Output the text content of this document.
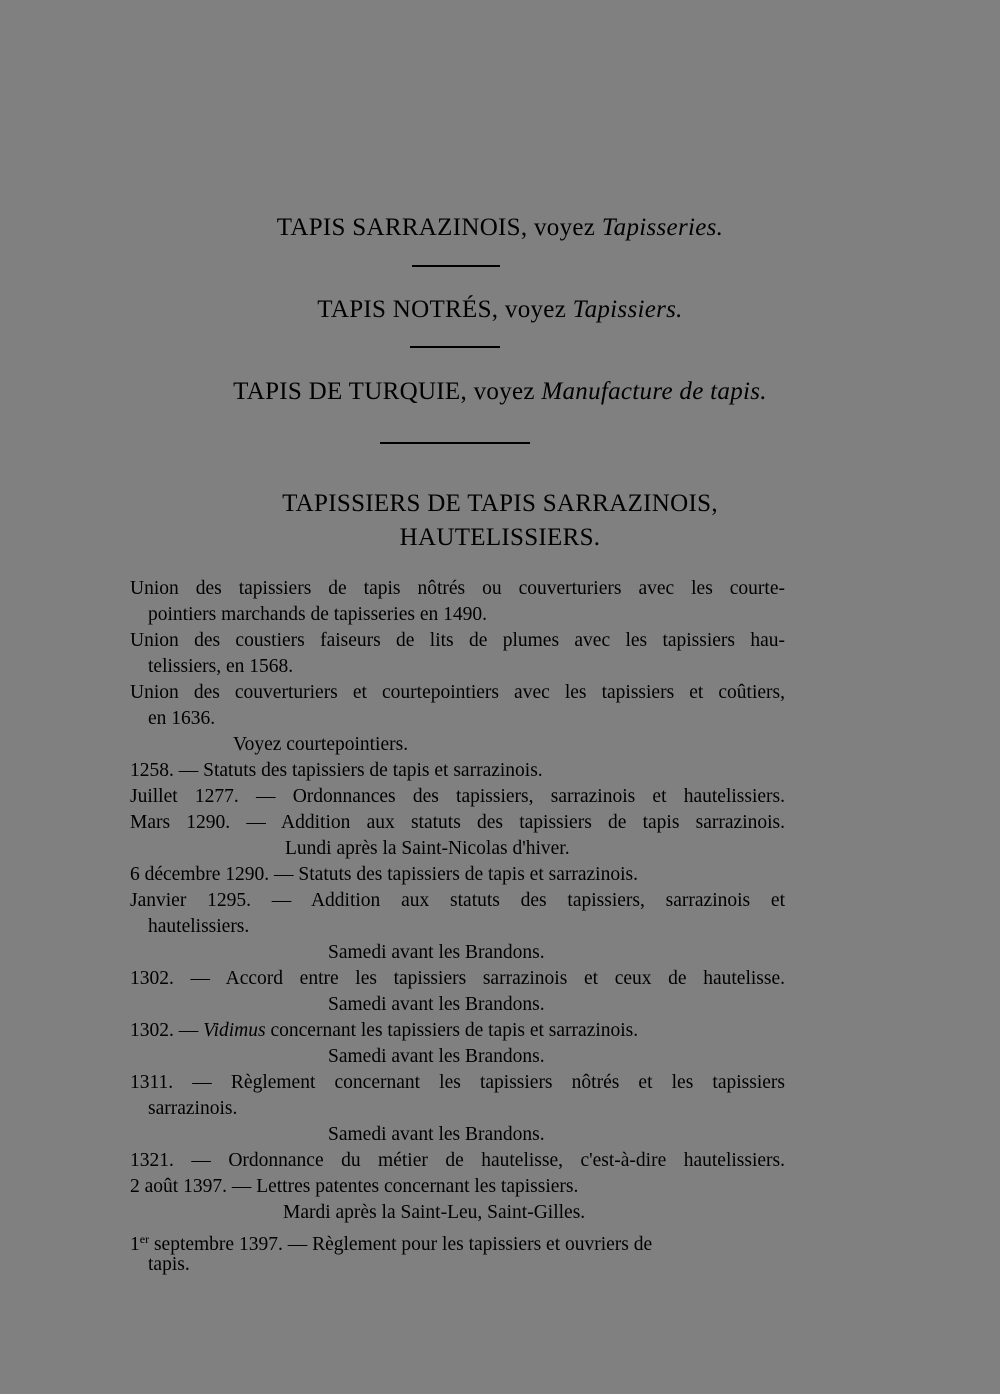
TAPIS SARRAZINOIS, voyez Tapisseries.
TAPIS NOTRÉS, voyez Tapissiers.
TAPIS DE TURQUIE, voyez Manufacture de tapis.
TAPISSIERS DE TAPIS SARRAZINOIS,
HAUTELISSIERS.
Union des tapissiers de tapis nôtrés ou couverturiers avec les courte-
pointiers marchands de tapisseries en 1490.
Union des coustiers faiseurs de lits de plumes avec les tapissiers hau-
telissiers, en 1568.
Union des couverturiers et courtepointiers avec les tapissiers et coûtiers,
en 1636.
Voyez courtepointiers.
1258. — Statuts des tapissiers de tapis et sarrazinois.
Juillet 1277. — Ordonnances des tapissiers, sarrazinois et hautelissiers.
Mars 1290. — Addition aux statuts des tapissiers de tapis sarrazinois.
Lundi après la Saint-Nicolas d'hiver.
6 décembre 1290. — Statuts des tapissiers de tapis et sarrazinois.
Janvier 1295. — Addition aux statuts des tapissiers, sarrazinois et
hautelissiers.
Samedi avant les Brandons.
1302. — Accord entre les tapissiers sarrazinois et ceux de hautelisse.
Samedi avant les Brandons.
1302. — Vidimus concernant les tapissiers de tapis et sarrazinois.
Samedi avant les Brandons.
1311. — Règlement concernant les tapissiers nôtrés et les tapissiers
sarrazinois.
Samedi avant les Brandons.
1321. — Ordonnance du métier de hautelisse, c'est-à-dire hautelissiers.
2 août 1397. — Lettres patentes concernant les tapissiers.
Mardi après la Saint-Leu, Saint-Gilles.
1er septembre 1397. — Règlement pour les tapissiers et ouvriers de
tapis.
